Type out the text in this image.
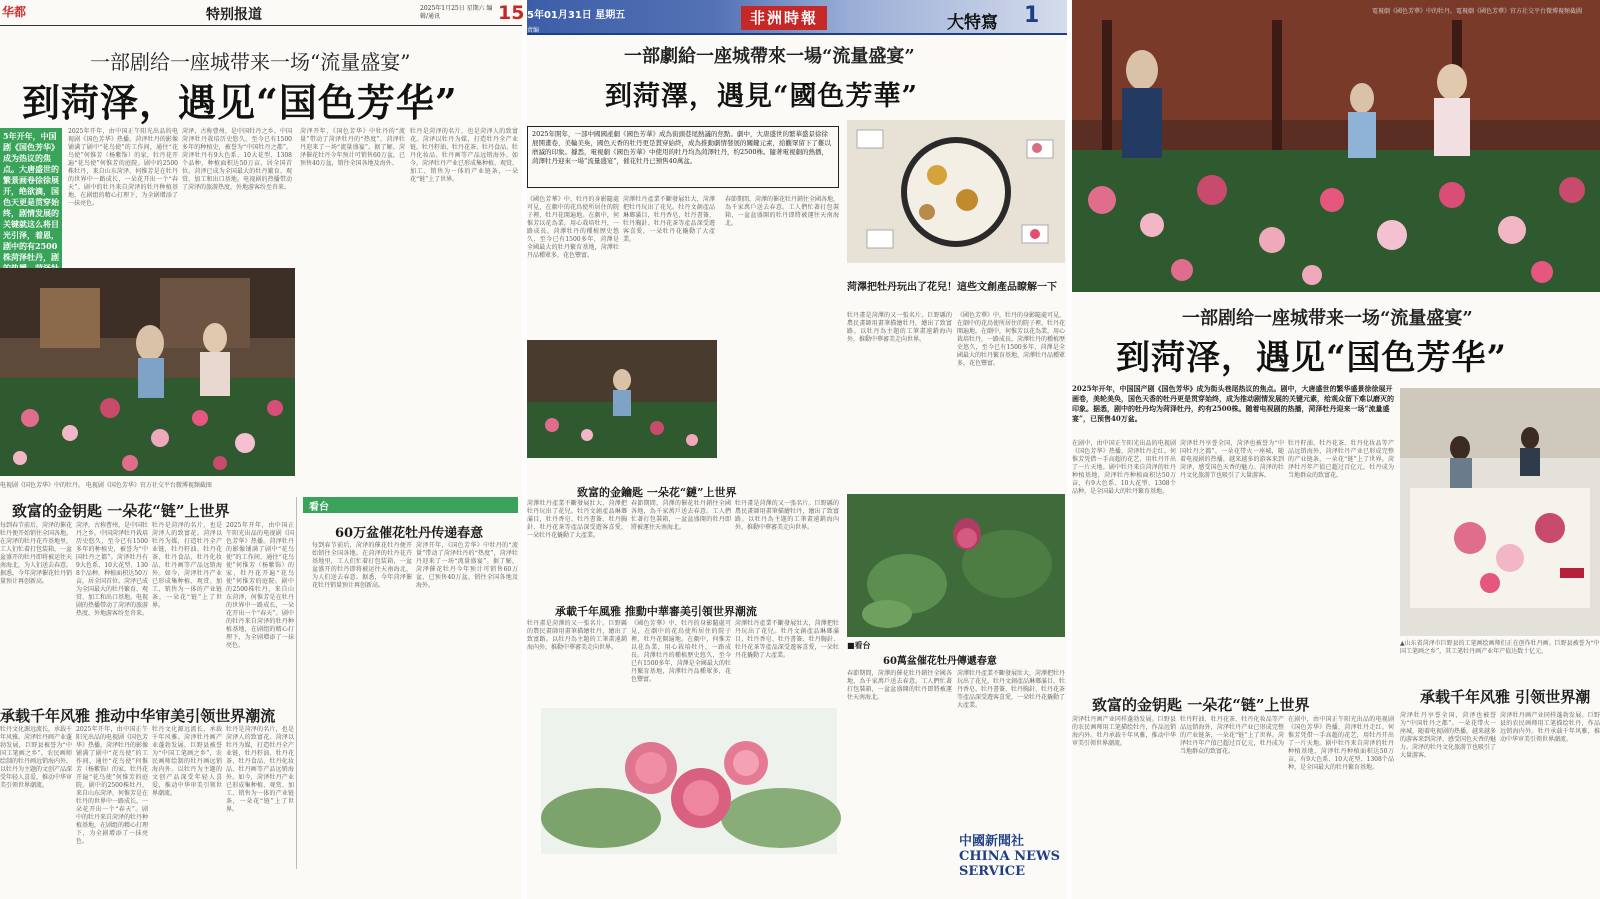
华都	特别报道	2025年1月25日 星期六 编辑/通讯	15
一部剧给一座城带来一场“流量盛宴”
到菏泽，遇见“国色芳华”
5年开年，中国剧《国色芳华》成为热议的焦点。大唐盛世的繁景画卷徐徐展开，绝欲滴，国色天更是贯穿始终，剧情发展的关键就这么将目光引泽，着恩，剧中的有2500株菏泽牡丹，剧
2025年开年，由中国正午阳光出品的电视剧《国色芳华》热播。菏泽牡丹的影像铺满了剧中“花鸟使”的工作间，通往“花鸟使”何惟芳（杨紫饰）的家，牡丹花开遍“花鸟使”何惟芳的庭院。剧中的2500株牡丹，来自山东菏泽，何惟芳是在牡丹的世界中一路成长，一朵花开出一个“春天”。剧中的牡丹来自菏泽的牡丹种植基地，在剧组的精心打理下，为全剧增添了一抹亮色。
菏泽，古称曹州，是中国牡丹之乡。中国菏泽牡丹栽培历史悠久，至今已有1500多年的种植史，被誉为“中国牡丹之都”。菏泽牡丹有9大色系、10大花型、1308个品种，种植面积达50万亩，居全国首位。菏泽已成为全国最大的牡丹繁育、观赏、加工和出口基地。电视剧的热播带动了菏泽的旅游热度，外地游客纷至沓来。
菏泽开年，《国色芳华》中牡丹的“流量”带动了菏泽牡丹的“热度”，菏泽牡丹迎来了一场“流量盛宴”。据了解，菏泽催花牡丹今年预计可销售60万盆，已预售40万盆，销往全国各地及海外。
牡丹是菏泽的名片，也是菏泽人的致富花。菏泽以牡丹为媒，打造牡丹全产业链，牡丹籽油、牡丹花茶、牡丹食品、牡丹化妆品、牡丹画等产品远销海外。如今，菏泽牡丹产业已形成集种植、观赏、加工、销售为一体的产业链条，一朵花“链”上了世界。
电视剧《国色芳华》中的牡丹。 电视剧《国色芳华》官方社交平台微博视频截图
致富的金钥匙 一朵花“链”上世界
每到春节前后，菏泽的催花牡丹便开始销往全国各地。在菏泽的牡丹花卉基地里，工人们忙着打包装箱，一盆盆盛开的牡丹即将被运往天南海北，为人们送去春意。据悉，今年菏泽催花牡丹销量预计再创新高。
菏泽，古称曹州，是中国牡丹之乡。中国菏泽牡丹栽培历史悠久，至今已有1500多年的种植史，被誉为“中国牡丹之都”。菏泽牡丹有9大色系、10大花型、1308个品种，种植面积达50万亩，居全国首位。菏泽已成为全国最大的牡丹繁育、观赏、加工和出口基地。电视剧的热播带动了菏泽的旅游热度，外地游客纷至沓来。
牡丹是菏泽的名片，也是菏泽人的致富花。菏泽以牡丹为媒，打造牡丹全产业链，牡丹籽油、牡丹花茶、牡丹食品、牡丹化妆品、牡丹画等产品远销海外。如今，菏泽牡丹产业已形成集种植、观赏、加工、销售为一体的产业链条，一朵花“链”上了世界。
2025年开年，由中国正午阳光出品的电视剧《国色芳华》热播。菏泽牡丹的影像铺满了剧中“花鸟使”的工作间，通往“花鸟使”何惟芳（杨紫饰）的家，牡丹花开遍“花鸟使”何惟芳的庭院。剧中的2500株牡丹，来自山东菏泽，何惟芳是在牡丹的世界中一路成长，一朵花开出一个“春天”。剧中的牡丹来自菏泽的牡丹种植基地，在剧组的精心打理下，为全剧增添了一抹亮色。
看台
60万盆催花牡丹传递春意
每到春节前后，菏泽的催花牡丹便开始销往全国各地。在菏泽的牡丹花卉基地里，工人们忙着打包装箱，一盆盆盛开的牡丹即将被运往天南海北，为人们送去春意。据悉，今年菏泽催花牡丹销量预计再创新高。
菏泽开年，《国色芳华》中牡丹的“流量”带动了菏泽牡丹的“热度”，菏泽牡丹迎来了一场“流量盛宴”。据了解，菏泽催花牡丹今年预计可销售60万盆，已预售40万盆，销往全国各地及海外。
承载千年风雅 推动中华审美引领世界潮流
牡丹文化源远流长，承载千年风雅。菏泽牡丹画产业蓬勃发展，巨野县被誉为“中国工笔画之乡”，农民画师绘制的牡丹画远销海内外。以牡丹为主题的文创产品深受年轻人喜爱，推动中华审美引领世界潮流。
2025年开年，由中国正午阳光出品的电视剧《国色芳华》热播。菏泽牡丹的影像铺满了剧中“花鸟使”的工作间，通往“花鸟使”何惟芳（杨紫饰）的家，牡丹花开遍“花鸟使”何惟芳的庭院。剧中的2500株牡丹，来自山东菏泽，何惟芳是在牡丹的世界中一路成长，一朵花开出一个“春天”。剧中的牡丹来自菏泽的牡丹种植基地，在剧组的精心打理下，为全剧增添了一抹亮色。
牡丹文化源远流长，承载千年风雅。菏泽牡丹画产业蓬勃发展，巨野县被誉为“中国工笔画之乡”，农民画师绘制的牡丹画远销海内外。以牡丹为主题的文创产品深受年轻人喜爱，推动中华审美引领世界潮流。
牡丹是菏泽的名片，也是菏泽人的致富花。菏泽以牡丹为媒，打造牡丹全产业链，牡丹籽油、牡丹花茶、牡丹食品、牡丹化妆品、牡丹画等产品远销海外。如今，菏泽牡丹产业已形成集种植、观赏、加工、销售为一体的产业链条，一朵花“链”上了世界。
5年01月31日 星期五
责编
非洲時報	大特寫 1
一部劇給一座城帶來一場“流量盛宴”
到菏澤，遇見“國色芳華”
2025年開年，一部中國國產劇《國色芳華》成為街頭巷尾熱議的焦點。劇中，大唐盛世的繁華盛景徐徐展開畫卷，美輪美奐，國色天香的牡丹更是貫穿始終，成為推動劇情發展的關鍵元素，給觀眾留下了難以磨滅的印象。據悉，電視劇《國色芳華》中使用的牡丹均為菏澤牡丹，約2500株。隨著電視劇的熱播，菏澤牡丹迎來一場“流量盛宴”，催花牡丹已預售40萬盆。
菏澤把牡丹玩出了花兒！這些文創產品瞭解一下
《國色芳華》中，牡丹的身影隨處可見，在劇中的花鳥使所居住的院子裡，牡丹花開遍地。在劇中，何惟芳以花為業，用心栽培牡丹，一路成長。菏澤牡丹的種植歷史悠久，至今已有1500多年，菏澤是全國最大的牡丹繁育基地，菏澤牡丹品種眾多，花色豐富。
菏澤牡丹產業不斷發展壯大，菏澤把牡丹玩出了花兒。牡丹文創產品琳瑯滿目，牡丹香皂、牡丹書簽、牡丹胸針、牡丹花茶等產品深受遊客喜愛，一朵牡丹花撬動了大產業。
春節期間，菏澤的催花牡丹銷往全國各地，為千家萬戶送去春意。工人們忙著打包裝箱，一盆盆盛開的牡丹即將被運往天南海北。
牡丹畫是菏澤的又一張名片。巨野縣的農民畫師用畫筆描繪牡丹，繪出了致富路。以牡丹為主題的工筆畫遠銷海內外，推動中華審美走向世界。
《國色芳華》中，牡丹的身影隨處可見，在劇中的花鳥使所居住的院子裡，牡丹花開遍地。在劇中，何惟芳以花為業，用心栽培牡丹，一路成長。菏澤牡丹的種植歷史悠久，至今已有1500多年，菏澤是全國最大的牡丹繁育基地，菏澤牡丹品種眾多，花色豐富。
致富的金鑰匙 一朵花“鏈”上世界
菏澤牡丹產業不斷發展壯大，菏澤把牡丹玩出了花兒。牡丹文創產品琳瑯滿目，牡丹香皂、牡丹書簽、牡丹胸針、牡丹花茶等產品深受遊客喜愛，一朵牡丹花撬動了大產業。
春節期間，菏澤的催花牡丹銷往全國各地，為千家萬戶送去春意。工人們忙著打包裝箱，一盆盆盛開的牡丹即將被運往天南海北。
牡丹畫是菏澤的又一張名片。巨野縣的農民畫師用畫筆描繪牡丹，繪出了致富路。以牡丹為主題的工筆畫遠銷海內外，推動中華審美走向世界。
承載千年風雅 推動中華審美引領世界潮流
牡丹畫是菏澤的又一張名片。巨野縣的農民畫師用畫筆描繪牡丹，繪出了致富路。以牡丹為主題的工筆畫遠銷海內外，推動中華審美走向世界。
《國色芳華》中，牡丹的身影隨處可見，在劇中的花鳥使所居住的院子裡，牡丹花開遍地。在劇中，何惟芳以花為業，用心栽培牡丹，一路成長。菏澤牡丹的種植歷史悠久，至今已有1500多年，菏澤是全國最大的牡丹繁育基地，菏澤牡丹品種眾多，花色豐富。
菏澤牡丹產業不斷發展壯大，菏澤把牡丹玩出了花兒。牡丹文創產品琳瑯滿目，牡丹香皂、牡丹書簽、牡丹胸針、牡丹花茶等產品深受遊客喜愛，一朵牡丹花撬動了大產業。
■看台
60萬盆催花牡丹傳遞春意
春節期間，菏澤的催花牡丹銷往全國各地，為千家萬戶送去春意。工人們忙著打包裝箱，一盆盆盛開的牡丹即將被運往天南海北。
菏澤牡丹產業不斷發展壯大，菏澤把牡丹玩出了花兒。牡丹文創產品琳瑯滿目，牡丹香皂、牡丹書簽、牡丹胸針、牡丹花茶等產品深受遊客喜愛，一朵牡丹花撬動了大產業。
中國新聞社 CHINA NEWS SERVICE
電視劇《國色芳華》中的牡丹。電視劇《國色芳華》官方社交平台微博視頻截圖
一部剧给一座城带来一场“流量盛宴”
到菏泽，遇见“国色芳华”
2025年开年，中国国产剧《国色芳华》成为街头巷尾热议的焦点。剧中，大唐盛世的繁华盛景徐徐展开画卷，美轮美奂，国色天香的牡丹更是贯穿始终，成为推动剧情发展的关键元素，给观众留下难以磨灭的印象。据悉，剧中的牡丹均为菏泽牡丹，约有2500株。随着电视剧的热播，菏泽牡丹迎来一场“流量盛宴”，已预售40万盆。
在剧中，由中国正午阳光出品的电视剧《国色芳华》热播，菏泽牡丹走红。何惟芳凭借一手高超的花艺，用牡丹开出了一片天地。剧中牡丹来自菏泽的牡丹种植基地，菏泽牡丹种植面积达50万亩，有9大色系、10大花型、1308个品种，是全国最大的牡丹繁育基地。
菏泽牡丹享誉全国，菏泽也被誉为“中国牡丹之都”。一朵花带火一座城，随着电视剧的热播，越来越多的游客来到菏泽，感受国色天香的魅力。菏泽的牡丹文化旅游节也吸引了大量游客。
牡丹籽油、牡丹花茶、牡丹化妆品等产品远销海外，菏泽牡丹产业已形成完整的产业链条，一朵花“链”上了世界。菏泽牡丹年产值已超过百亿元，牡丹成为当地群众的致富花。
▲山东省菏泽市巨野县的工笔画绘画师们正在创作牡丹画。巨野县被誉为“中国工笔画之乡”，其工笔牡丹画产业年产值达数十亿元。
致富的金钥匙 一朵花“链”上世界
菏泽牡丹画产业同样蓬勃发展。巨野县的农民画师用工笔描绘牡丹，作品远销海内外。牡丹承载千年风雅，推动中华审美引领世界潮流。
牡丹籽油、牡丹花茶、牡丹化妆品等产品远销海外，菏泽牡丹产业已形成完整的产业链条，一朵花“链”上了世界。菏泽牡丹年产值已超过百亿元，牡丹成为当地群众的致富花。
在剧中，由中国正午阳光出品的电视剧《国色芳华》热播，菏泽牡丹走红。何惟芳凭借一手高超的花艺，用牡丹开出了一片天地。剧中牡丹来自菏泽的牡丹种植基地，菏泽牡丹种植面积达50万亩，有9大色系、10大花型、1308个品种，是全国最大的牡丹繁育基地。
承载千年风雅 引领世界潮
菏泽牡丹享誉全国，菏泽也被誉为“中国牡丹之都”。一朵花带火一座城，随着电视剧的热播，越来越多的游客来到菏泽，感受国色天香的魅力。菏泽的牡丹文化旅游节也吸引了大量游客。
菏泽牡丹画产业同样蓬勃发展。巨野县的农民画师用工笔描绘牡丹，作品远销海内外。牡丹承载千年风雅，推动中华审美引领世界潮流。
